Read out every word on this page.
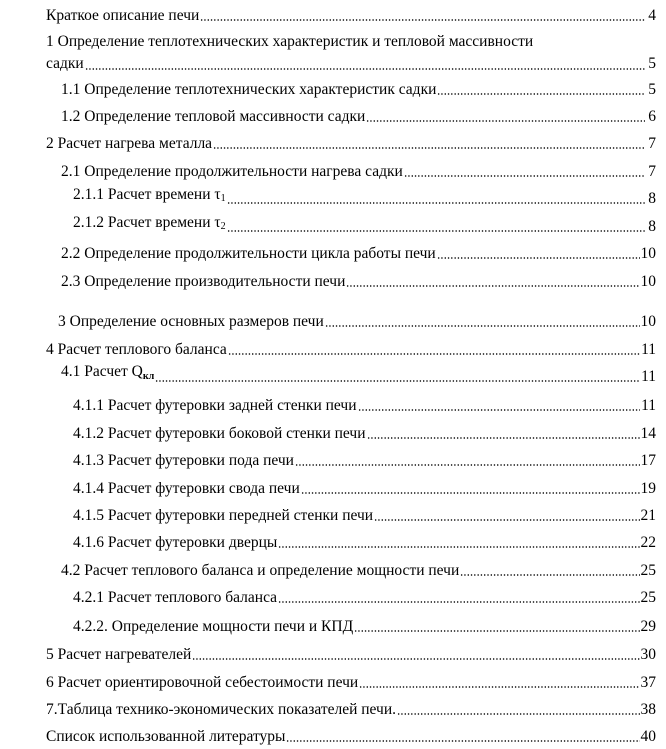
Краткое описание печи	4
1 Определение теплотехнических характеристик и тепловой массивности
садки	5
1.1 Определение теплотехнических характеристик садки	5
1.2 Определение тепловой массивности садки	6
2 Расчет нагрева металла	7
2.1 Определение продолжительности нагрева садки	7
2.1.1 Расчет времени $\tau_1$	8
2.1.2 Расчет времени $\tau_2$	8
2.2 Определение продолжительности цикла работы печи	10
2.3 Определение производительности печи	10
3 Определение основных размеров печи	10
4 Расчет теплового баланса	11
4.1 Расчет Qкл	11
4.1.1 Расчет футеровки задней стенки печи	11
4.1.2 Расчет футеровки боковой стенки печи	14
4.1.3 Расчет футеровки пода печи	17
4.1.4 Расчет футеровки свода печи	19
4.1.5 Расчет футеровки передней стенки печи	21
4.1.6 Расчет футеровки дверцы	22
4.2 Расчет теплового баланса и определение мощности печи	25
4.2.1 Расчет теплового баланса	25
4.2.2. Определение мощности печи и КПД	29
5 Расчет нагревателей	30
6 Расчет ориентировочной себестоимости печи	37
7.Таблица технико-экономических показателей печи.	38
Список использованной литературы	40
